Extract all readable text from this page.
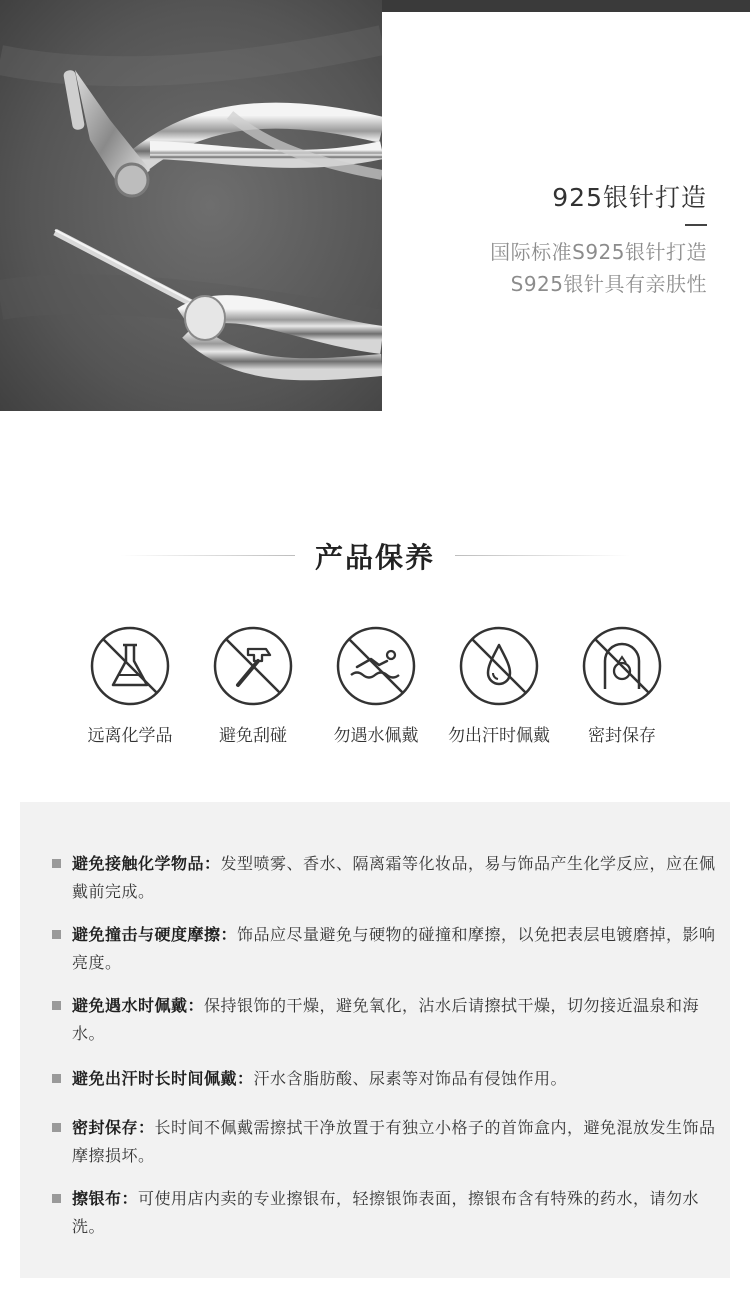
925银针打造
国际标准S925银针打造
S925银针具有亲肤性
产品保养
远离化学品	避免刮碰	勿遇水佩戴	勿出汗时佩戴	密封保存
避免接触化学物品：发型喷雾、香水、隔离霜等化妆品，易与饰品产生化学反应，应在佩戴前完成。
避免撞击与硬度摩擦：饰品应尽量避免与硬物的碰撞和摩擦，以免把表层电镀磨掉，影响亮度。
避免遇水时佩戴：保持银饰的干燥，避免氧化，沾水后请擦拭干燥，切勿接近温泉和海水。
避免出汗时长时间佩戴：汗水含脂肪酸、尿素等对饰品有侵蚀作用。
密封保存：长时间不佩戴需擦拭干净放置于有独立小格子的首饰盒内，避免混放发生饰品摩擦损坏。
擦银布：可使用店内卖的专业擦银布，轻擦银饰表面，擦银布含有特殊的药水，请勿水洗。
